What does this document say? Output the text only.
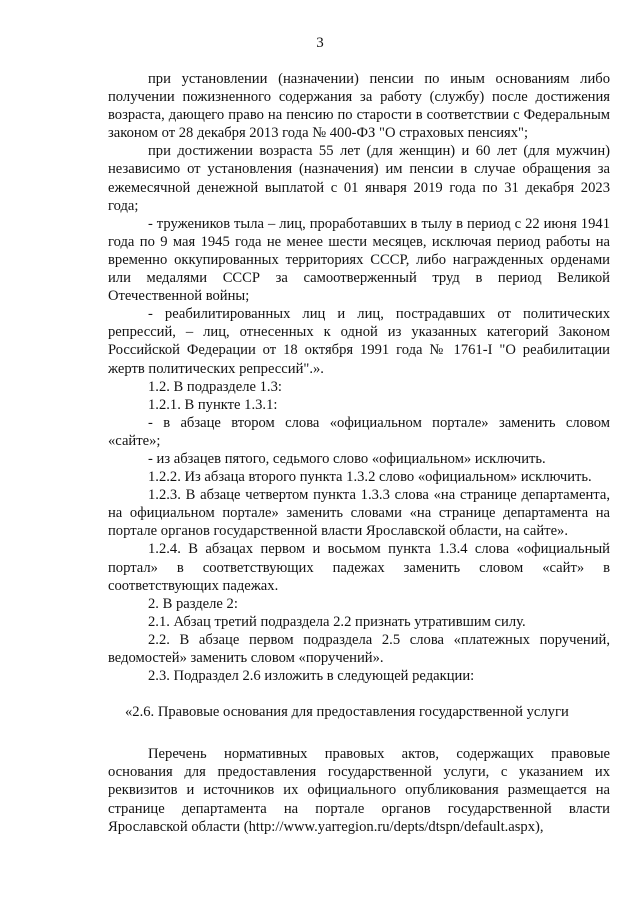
3

при установлении (назначении) пенсии по иным основаниям либо получении пожизненного содержания за работу (службу) после достижения возраста, дающего право на пенсию по старости в соответствии с Федеральным законом от 28 декабря 2013 года № 400-ФЗ "О страховых пенсиях";

при достижении возраста 55 лет (для женщин) и 60 лет (для мужчин) независимо от установления (назначения) им пенсии в случае обращения за ежемесячной денежной выплатой с 01 января 2019 года по 31 декабря 2023 года;

- тружеников тыла – лиц, проработавших в тылу в период с 22 июня 1941 года по 9 мая 1945 года не менее шести месяцев, исключая период работы на временно оккупированных территориях СССР, либо награжденных орденами или медалями СССР за самоотверженный труд в период Великой Отечественной войны;

- реабилитированных лиц и лиц, пострадавших от политических репрессий, – лиц, отнесенных к одной из указанных категорий Законом Российской Федерации от 18 октября 1991 года № 1761-I "О реабилитации жертв политических репрессий".».

1.2. В подразделе 1.3:

1.2.1. В пункте 1.3.1:

- в абзаце втором слова «официальном портале» заменить словом «сайте»;

- из абзацев пятого, седьмого слово «официальном» исключить.

1.2.2. Из абзаца второго пункта 1.3.2 слово «официальном» исключить.

1.2.3. В абзаце четвертом пункта 1.3.3 слова «на странице департамента, на официальном портале» заменить словами «на странице департамента на портале органов государственной власти Ярославской области, на сайте».

1.2.4. В абзацах первом и восьмом пункта 1.3.4 слова «официальный портал» в соответствующих падежах заменить словом «сайт» в соответствующих падежах.

2. В разделе 2:

2.1. Абзац третий подраздела 2.2 признать утратившим силу.

2.2. В абзаце первом подраздела 2.5 слова «платежных поручений, ведомостей» заменить словом «поручений».

2.3. Подраздел 2.6 изложить в следующей редакции:

«2.6. Правовые основания для предоставления государственной услуги

Перечень нормативных правовых актов, содержащих правовые основания для предоставления государственной услуги, с указанием их реквизитов и источников их официального опубликования размещается на странице департамента на портале органов государственной власти Ярославской области (http://www.yarregion.ru/depts/dtspn/default.aspx),
